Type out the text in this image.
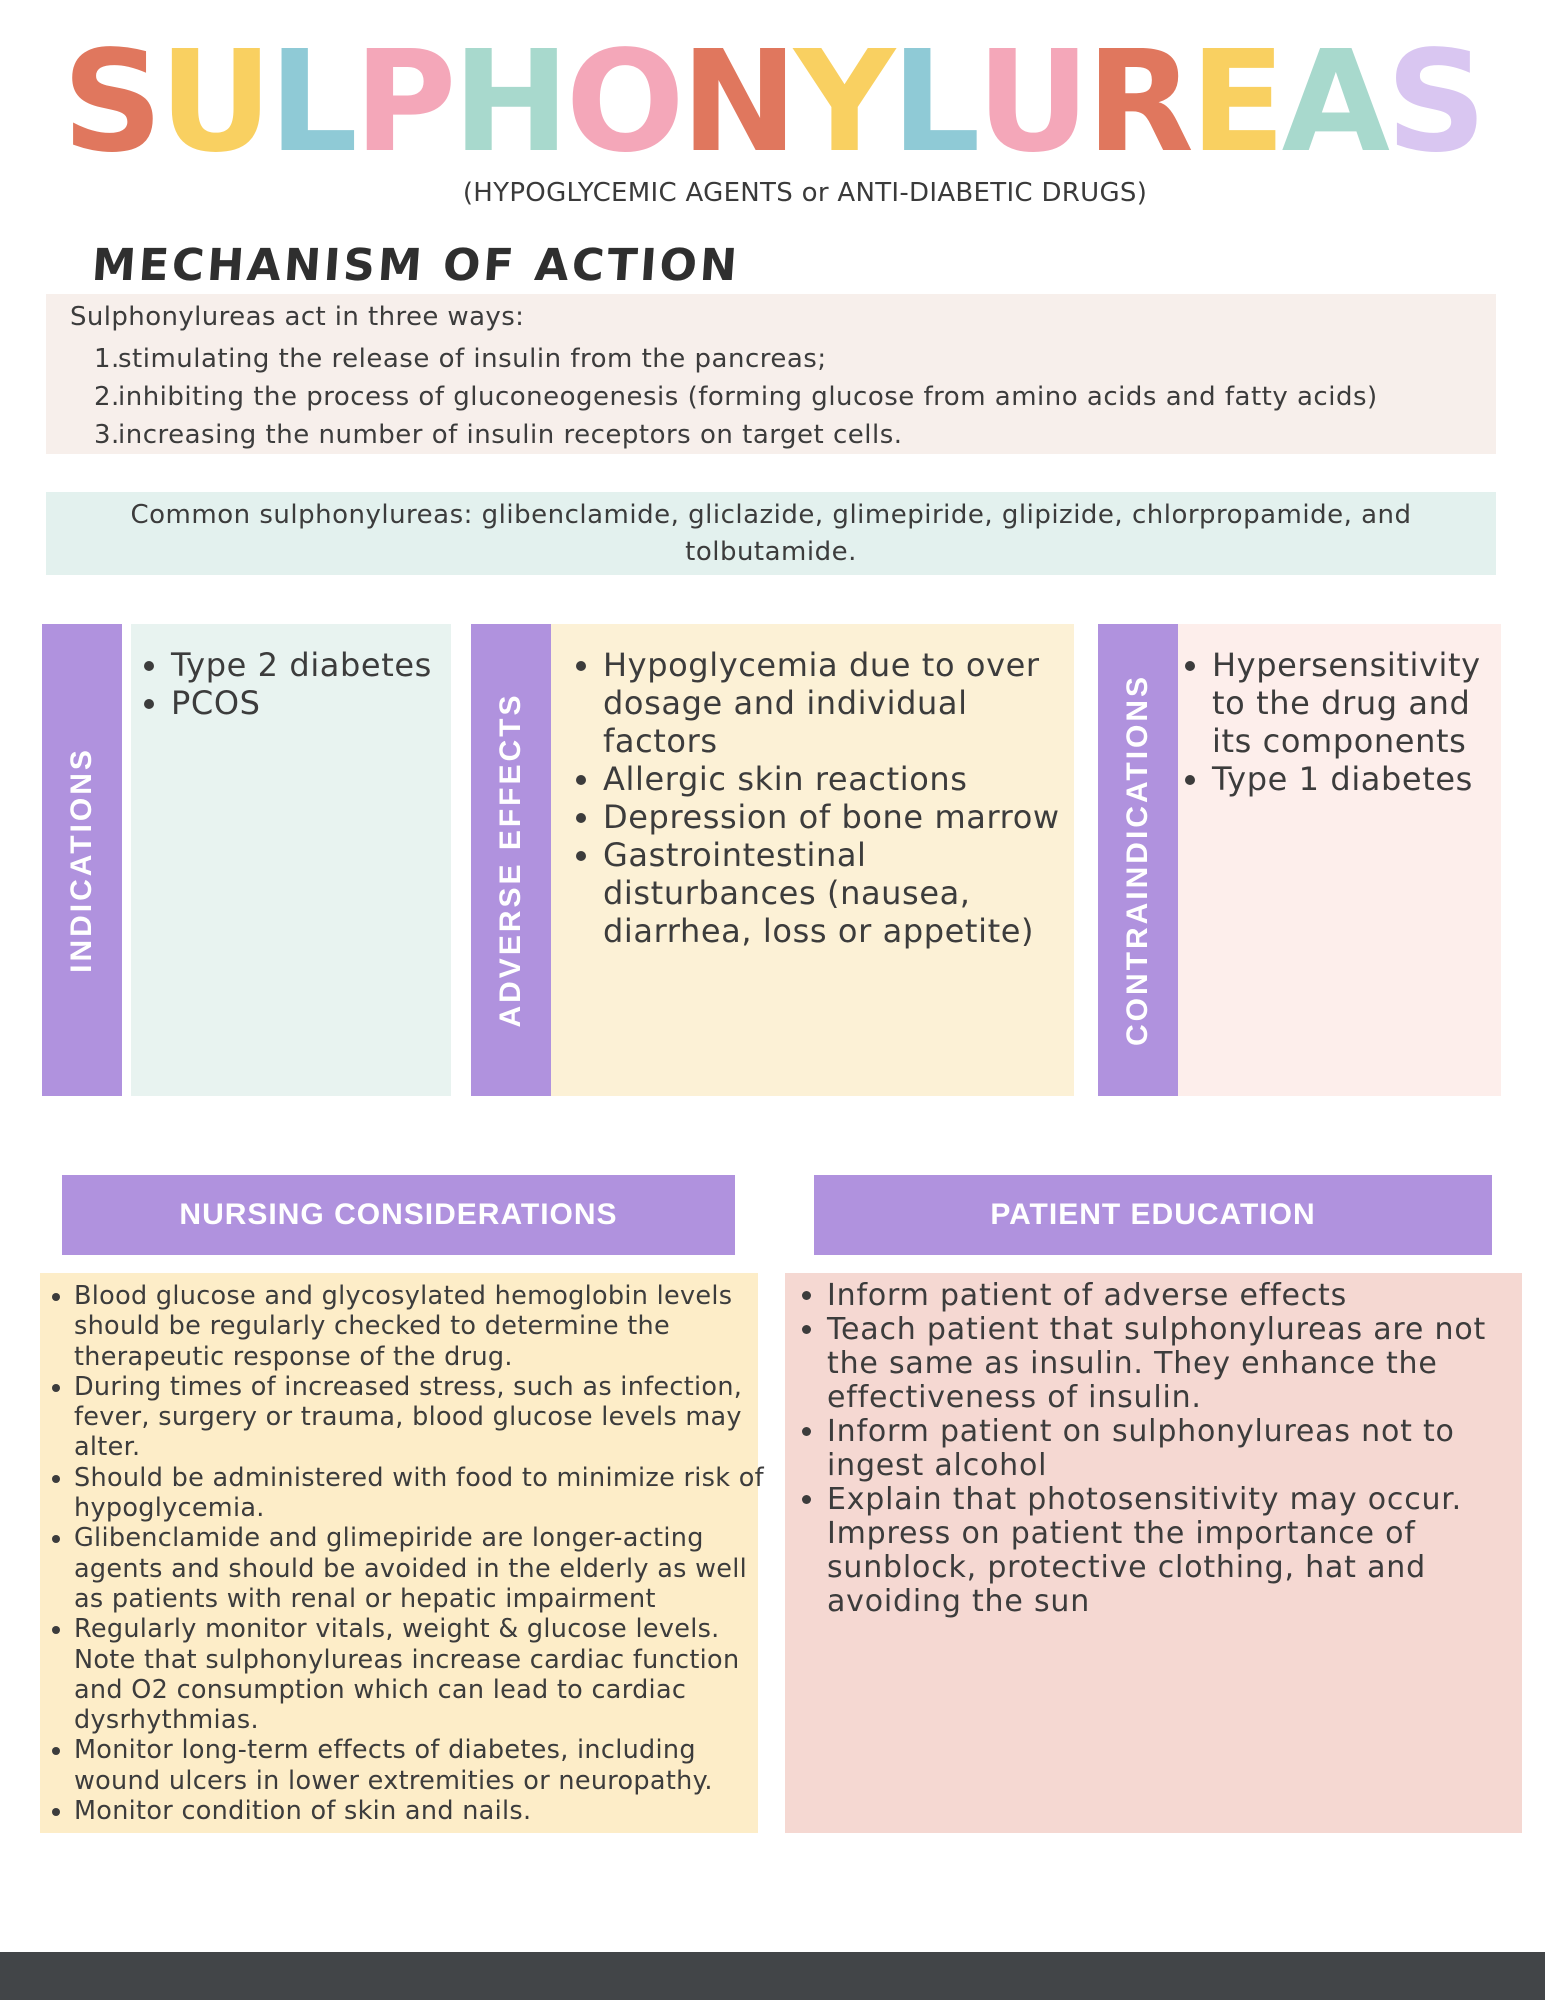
SULPHONYLUREAS
(HYPOGLYCEMIC AGENTS or ANTI-DIABETIC DRUGS)
MECHANISM OF ACTION
Sulphonylureas act in three ways:
1.stimulating the release of insulin from the pancreas;
2.inhibiting the process of gluconeogenesis (forming glucose from amino acids and fatty acids)
3.increasing the number of insulin receptors on target cells.
Common sulphonylureas: glibenclamide, gliclazide, glimepiride, glipizide, chlorpropamide, and tolbutamide.
INDICATIONS
• Type 2 diabetes
• PCOS	ADVERSE EFFECTS
• Hypoglycemia due to over dosage and individual factors
• Allergic skin reactions
• Depression of bone marrow
• Gastrointestinal disturbances (nausea, diarrhea, loss or appetite)	CONTRAINDICATIONS
• Hypersensitivity to the drug and its components
• Type 1 diabetes
NURSING CONSIDERATIONS
• Blood glucose and glycosylated hemoglobin levels should be regularly checked to determine the therapeutic response of the drug.
• During times of increased stress, such as infection, fever, surgery or trauma, blood glucose levels may alter.
• Should be administered with food to minimize risk of hypoglycemia.
• Glibenclamide and glimepiride are longer-acting agents and should be avoided in the elderly as well as patients with renal or hepatic impairment
• Regularly monitor vitals, weight & glucose levels. Note that sulphonylureas increase cardiac function and O2 consumption which can lead to cardiac dysrhythmias.
• Monitor long-term effects of diabetes, including wound ulcers in lower extremities or neuropathy.
• Monitor condition of skin and nails.
PATIENT EDUCATION
• Inform patient of adverse effects
• Teach patient that sulphonylureas are not the same as insulin. They enhance the effectiveness of insulin.
• Inform patient on sulphonylureas not to ingest alcohol
• Explain that photosensitivity may occur. Impress on patient the importance of sunblock, protective clothing, hat and avoiding the sun
